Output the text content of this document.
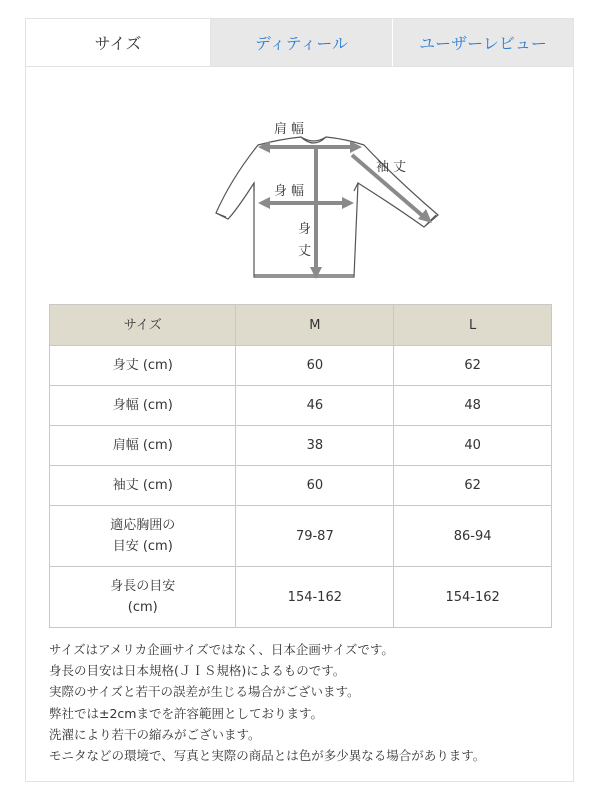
サイズ	ディティール	ユーザーレビュー
肩幅
袖丈
身幅
身
丈
サイズ	M	L
身丈 (cm)	60	62
身幅 (cm)	46	48
肩幅 (cm)	38	40
袖丈 (cm)	60	62

適応胸囲の
目安 (cm)	79-87	86-94

身長の目安
(cm)	154-162	154-162
サイズはアメリカ企画サイズではなく、日本企画サイズです。
身長の目安は日本規格(ＪＩＳ規格)によるものです。
実際のサイズと若干の誤差が生じる場合がございます。
弊社では±2cmまでを許容範囲としております。
洗濯により若干の縮みがございます。
モニタなどの環境で、写真と実際の商品とは色が多少異なる場合があります。
